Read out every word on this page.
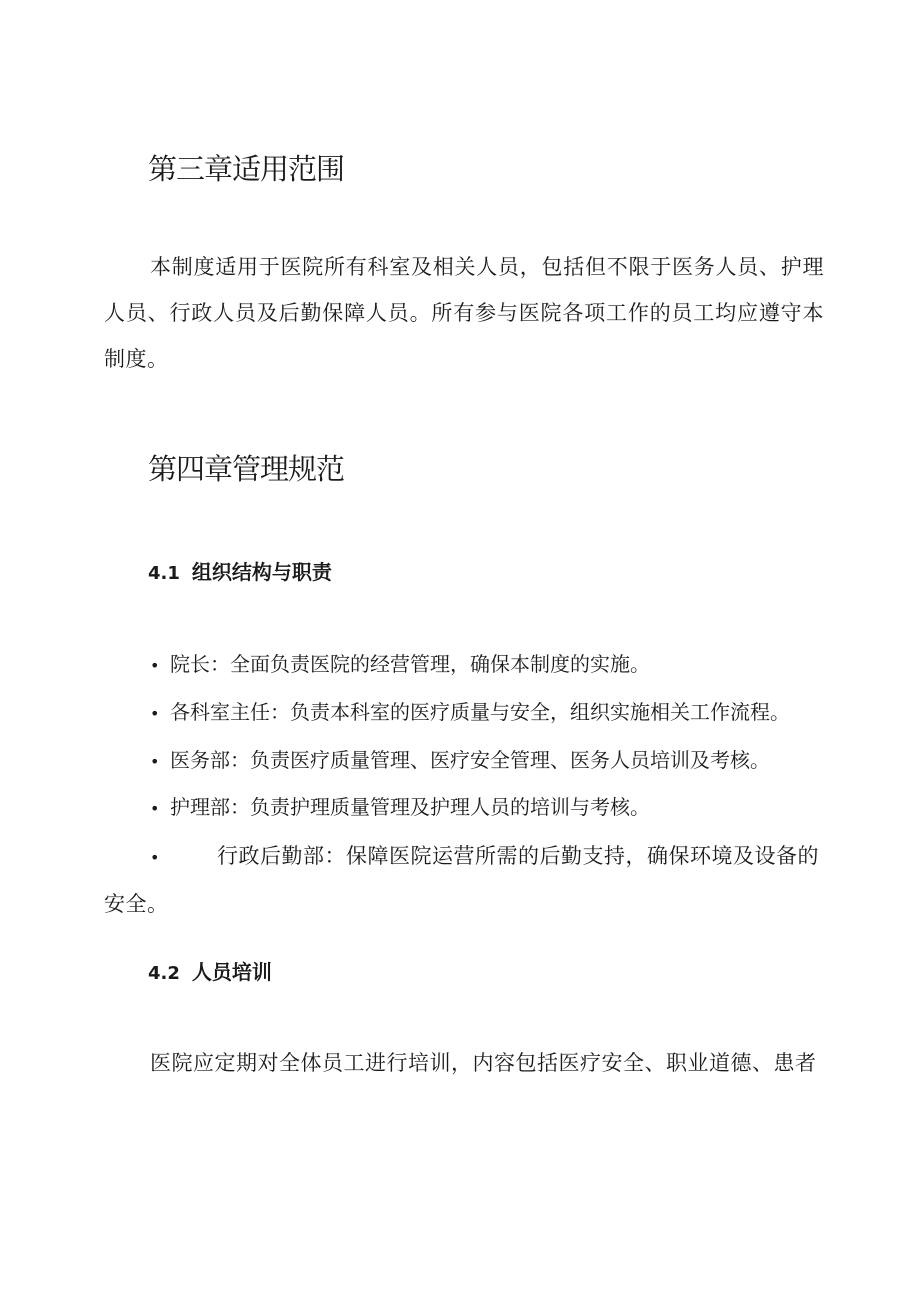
第三章适用范围

本制度适用于医院所有科室及相关人员，包括但不限于医务人员、护理人员、行政人员及后勤保障人员。所有参与医院各项工作的员工均应遵守本制度。

第四章管理规范
4.1 组织结构与职责

• 院长：全面负责医院的经营管理，确保本制度的实施。

• 各科室主任：负责本科室的医疗质量与安全，组织实施相关工作流程。

• 医务部：负责医疗质量管理、医疗安全管理、医务人员培训及考核。

• 护理部：负责护理质量管理及护理人员的培训与考核。

•	行政后勤部：保障医院运营所需的后勤支持，确保环境及设备的安全。

4.2 人员培训

医院应定期对全体员工进行培训，内容包括医疗安全、职业道德、患者
